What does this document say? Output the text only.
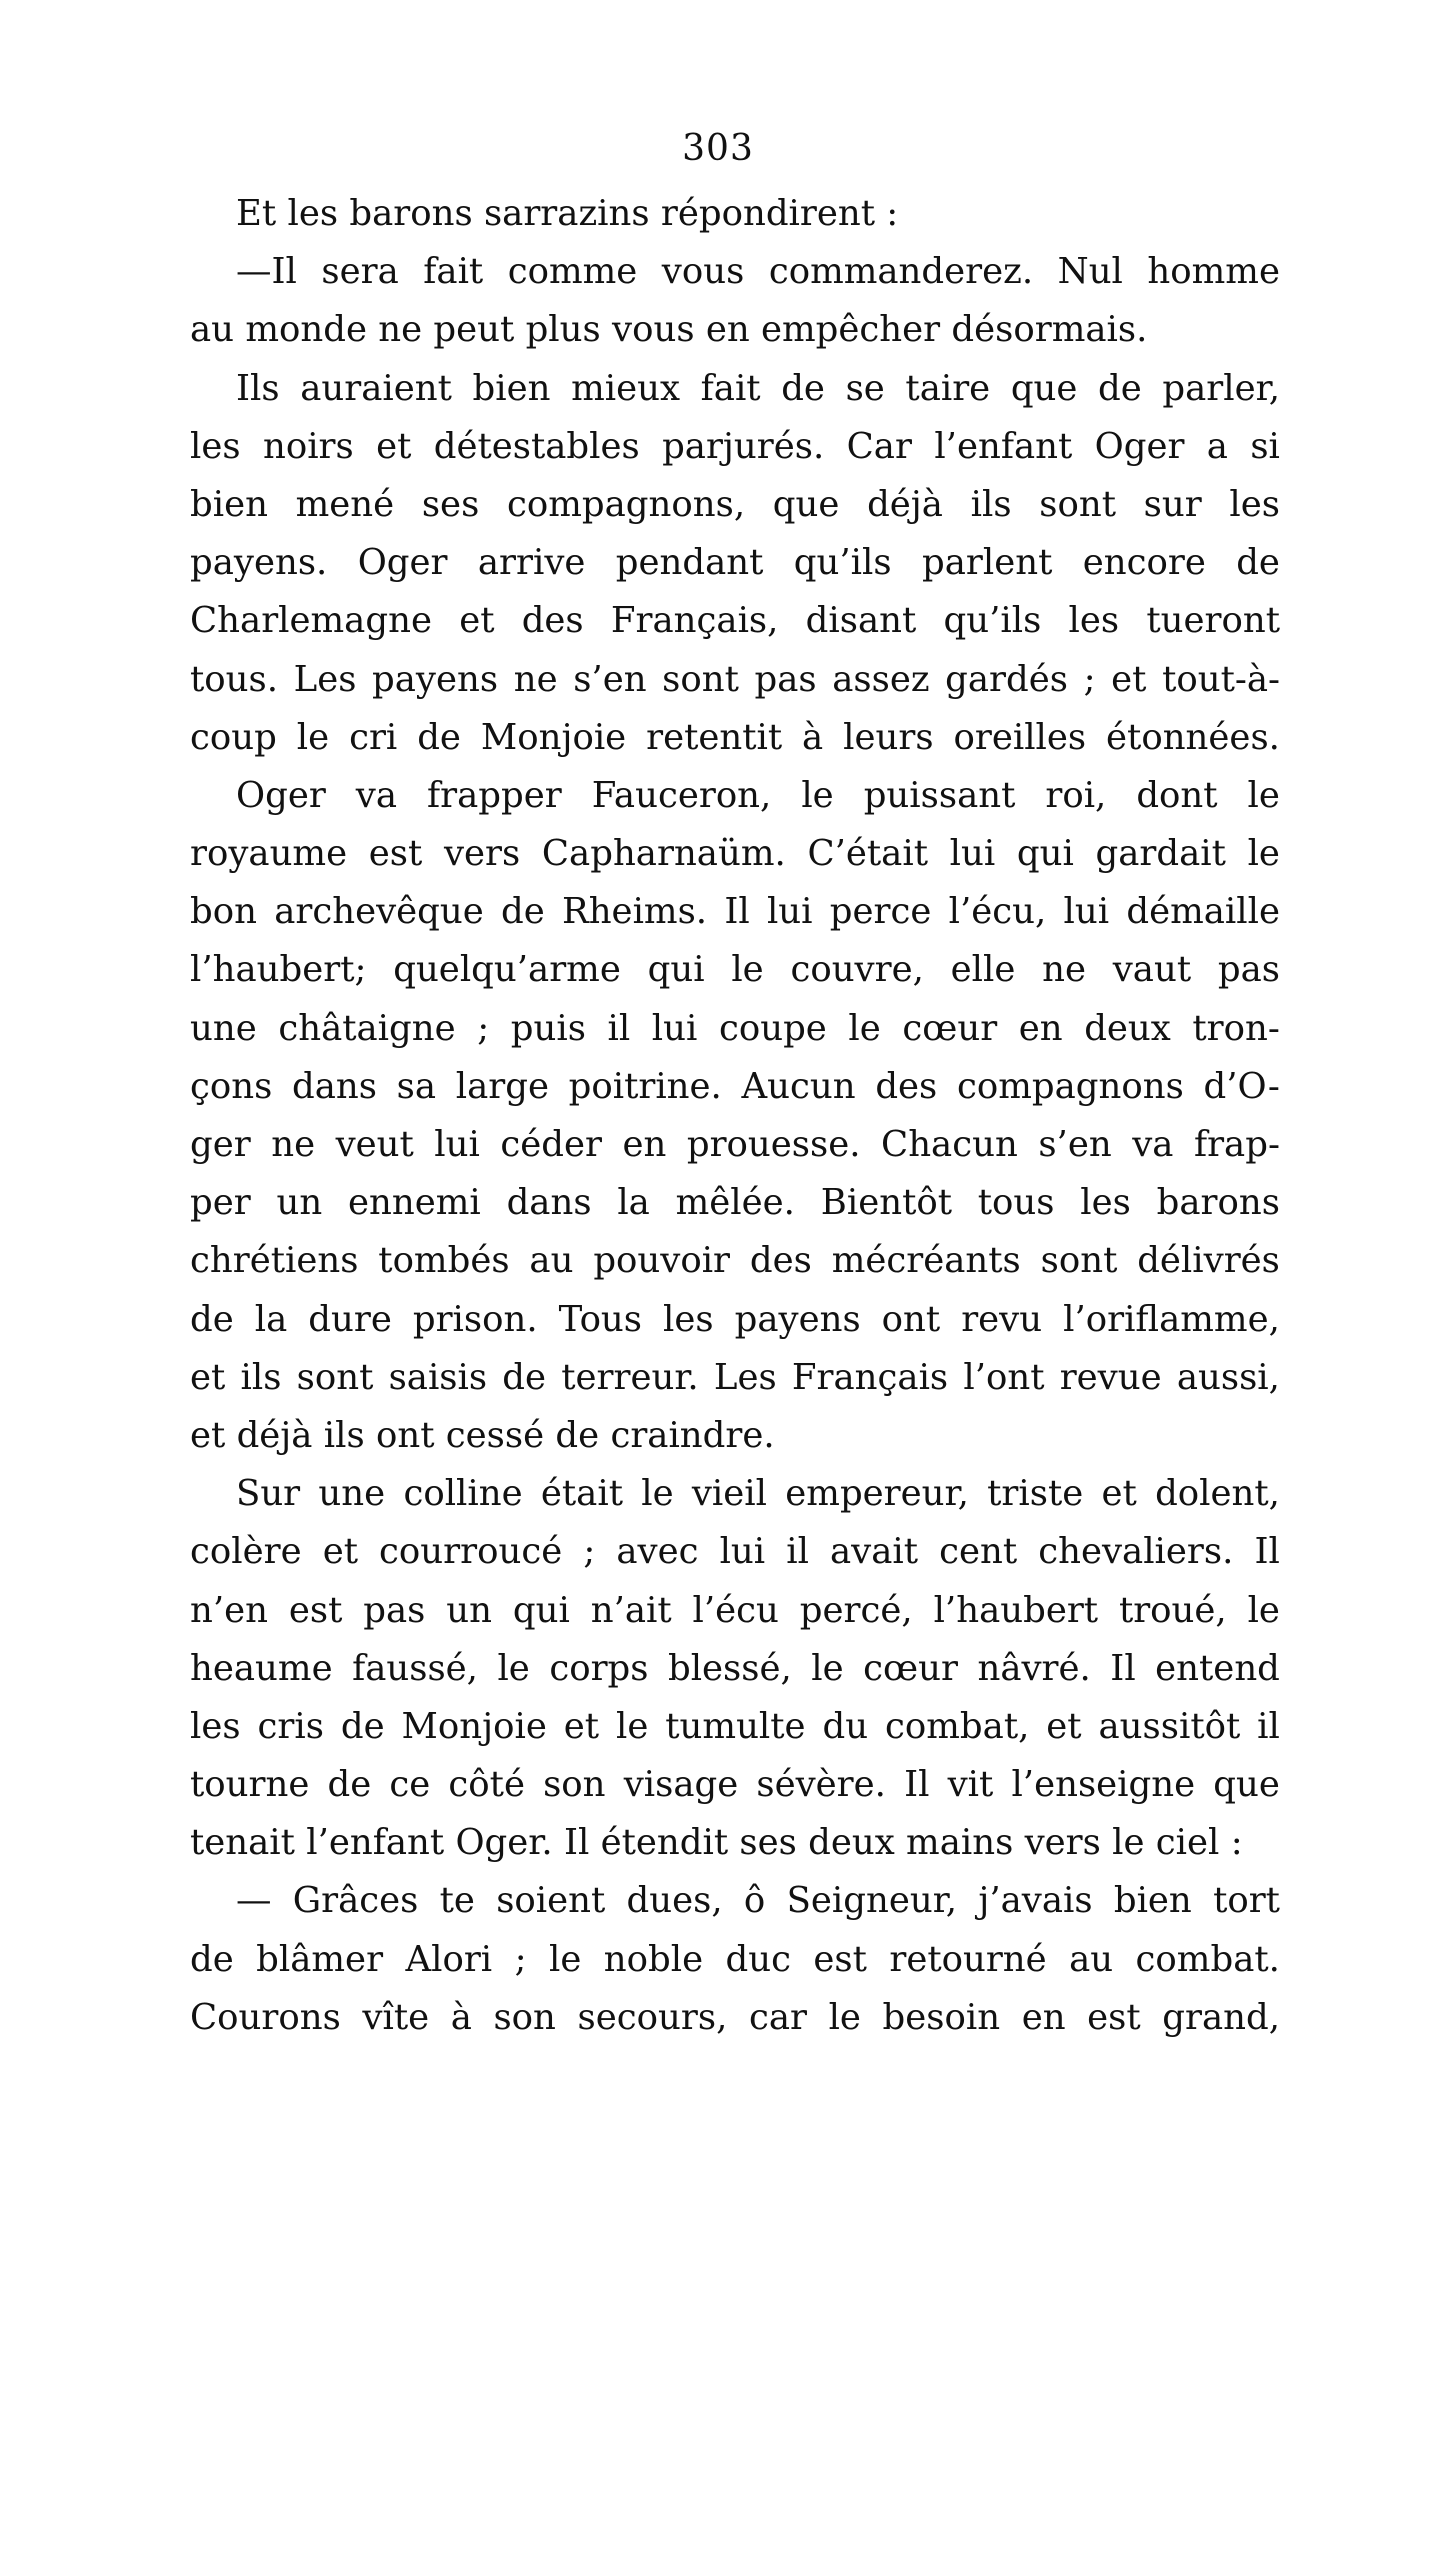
303
Et les barons sarrazins répondirent :
—Il sera fait comme vous commanderez. Nul homme
au monde ne peut plus vous en empêcher désormais.
Ils auraient bien mieux fait de se taire que de parler,
les noirs et détestables parjurés. Car l’enfant Oger a si
bien mené ses compagnons, que déjà ils sont sur les
payens. Oger arrive pendant qu’ils parlent encore de
Charlemagne et des Français, disant qu’ils les tueront
tous. Les payens ne s’en sont pas assez gardés ; et tout-à-
coup le cri de Monjoie retentit à leurs oreilles étonnées.
Oger va frapper Fauceron, le puissant roi, dont le
royaume est vers Capharnaüm. C’était lui qui gardait le
bon archevêque de Rheims. Il lui perce l’écu, lui démaille
l’haubert; quelqu’arme qui le couvre, elle ne vaut pas
une châtaigne ; puis il lui coupe le cœur en deux tron-
çons dans sa large poitrine. Aucun des compagnons d’O-
ger ne veut lui céder en prouesse. Chacun s’en va frap-
per un ennemi dans la mêlée. Bientôt tous les barons
chrétiens tombés au pouvoir des mécréants sont délivrés
de la dure prison. Tous les payens ont revu l’oriflamme,
et ils sont saisis de terreur. Les Français l’ont revue aussi,
et déjà ils ont cessé de craindre.
Sur une colline était le vieil empereur, triste et dolent,
colère et courroucé ; avec lui il avait cent chevaliers. Il
n’en est pas un qui n’ait l’écu percé, l’haubert troué, le
heaume faussé, le corps blessé, le cœur nâvré. Il entend
les cris de Monjoie et le tumulte du combat, et aussitôt il
tourne de ce côté son visage sévère. Il vit l’enseigne que
tenait l’enfant Oger. Il étendit ses deux mains vers le ciel :
— Grâces te soient dues, ô Seigneur, j’avais bien tort
de blâmer Alori ; le noble duc est retourné au combat.
Courons vîte à son secours, car le besoin en est grand,
